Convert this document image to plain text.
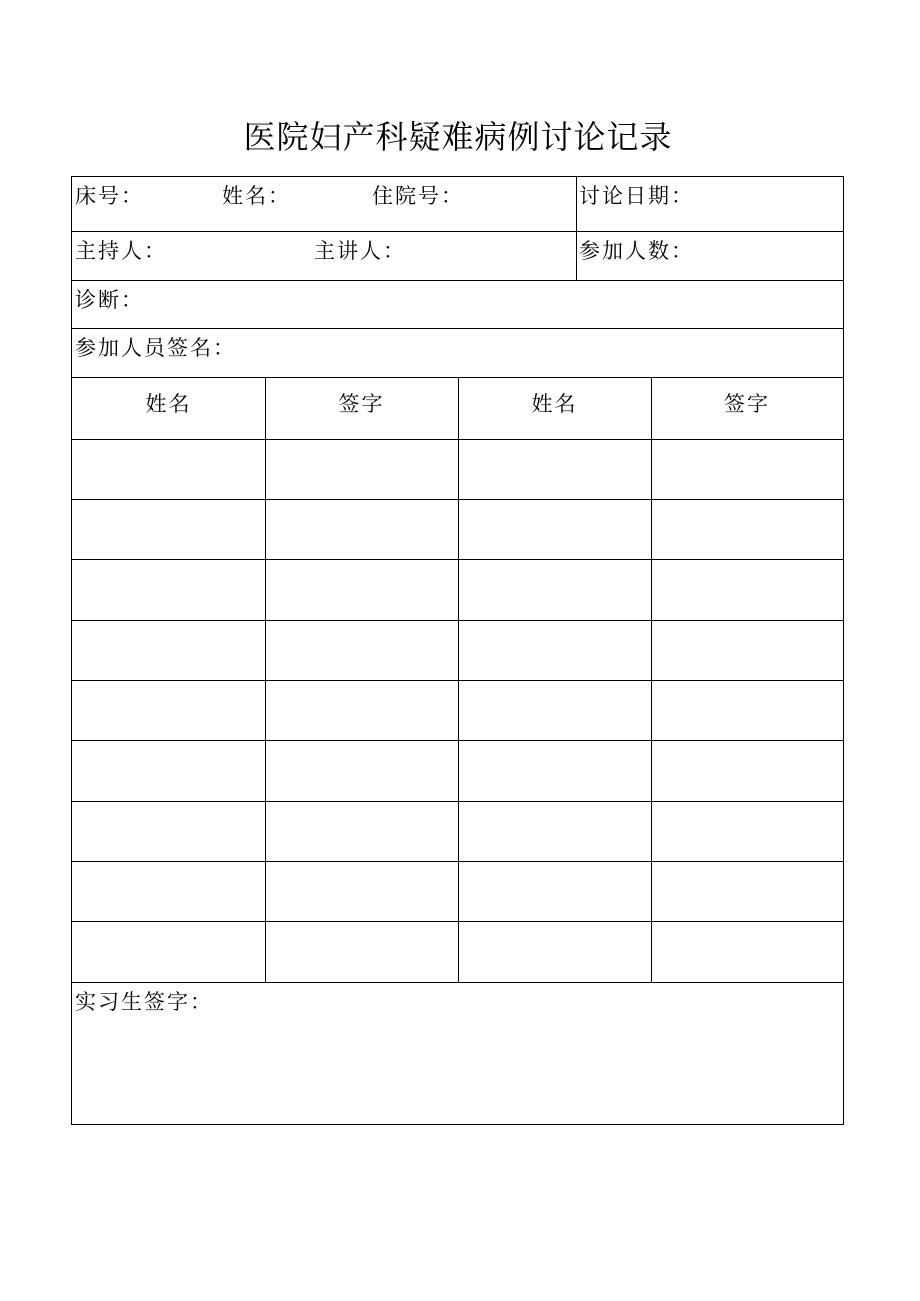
医院妇产科疑难病例讨论记录
床号：	姓名：	住院号：	讨论日期：
主持人：	主讲人：	参加人数：
诊断：
参加人员签名：
姓名	签字	姓名	签字
实习生签字：
